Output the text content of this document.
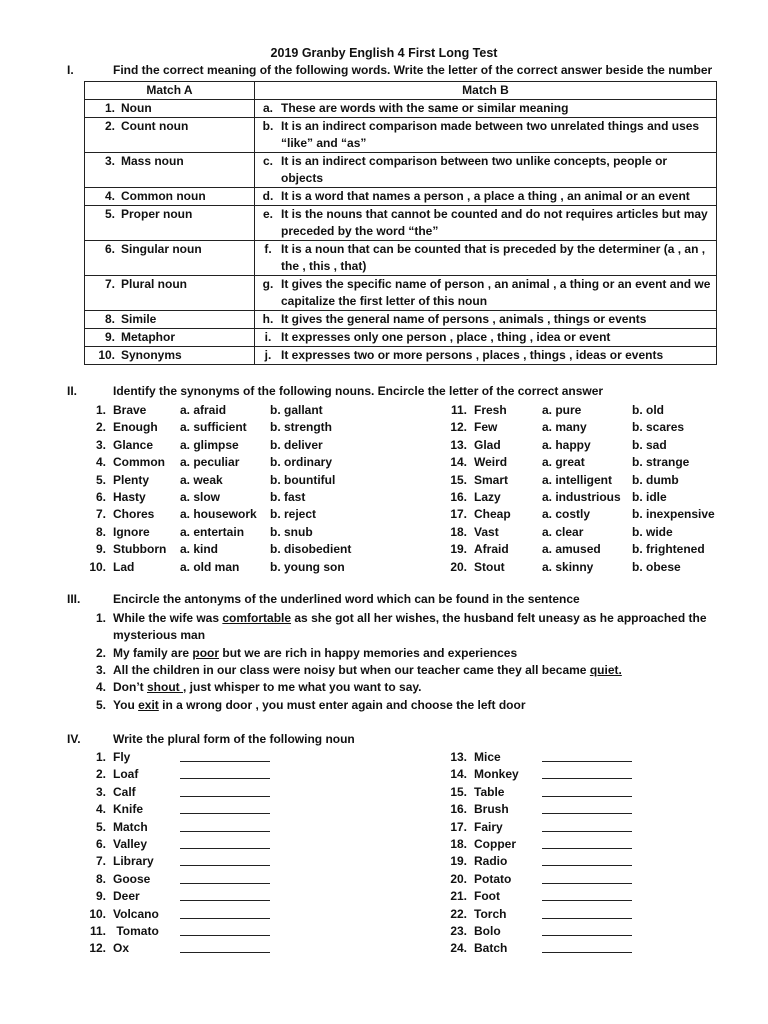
2019 Granby English 4 First Long Test
I.	Find the correct meaning of the following words. Write the letter of the correct answer beside the number
Match A	Match B

1. Noun	a. These are words with the same or similar meaning

2. Count noun	b. It is an indirect comparison made between two unrelated things and uses “like” and “as”

3. Mass noun	c. It is an indirect comparison between two unlike concepts, people or objects

4. Common noun	d. It is a word that names a person , a place a thing , an animal or an event

5. Proper noun	e. It is the nouns that cannot be counted and do not requires articles but may preceded by the word “the”

6. Singular noun	f. It is a noun that can be counted that is preceded by the determiner (a , an , the , this , that)

7. Plural noun	g. It gives the specific name of person , an animal , a thing or an event and we capitalize the first letter of this noun

8. Simile	h. It gives the general name of persons , animals , things or events

9. Metaphor	i. It expresses only one person , place , thing , idea or event

10. Synonyms	j. It expresses two or more persons , places , things , ideas or events
II.	Identify the synonyms of the following nouns. Encircle the letter of the correct answer
1. Brave	a. afraid	b. gallant
2. Enough a. sufficient b. strength
3. Glance a. glimpse	b. deliver
4. Common a. peculiar	b. ordinary
5. Plenty	a. weak	b. bountiful
6. Hasty	a. slow	b. fast
7. Chores a. housework b. reject
8. Ignore	a. entertain b. snub
9. Stubborn a. kind	b. disobedient
10. Lad	a. old man	b. young son
11. Fresh	a. pure	b. old
12. Few	a. many	b. scares
13. Glad	a. happy	b. sad
14. Weird	a. great	b. strange
15. Smart	a. intelligent b. dumb
16. Lazy	a. industrious b. idle
17. Cheap	a. costly	b. inexpensive
18. Vast	a. clear	b. wide
19. Afraid	a. amused	b. frightened
20. Stout	a. skinny	b. obese
III.	Encircle the antonyms of the underlined word which can be found in the sentence
1. While the wife was comfortable as she got all her wishes, the husband felt uneasy as he approached the
mysterious man
2. My family are poor but we are rich in happy memories and experiences
3. All the children in our class were noisy but when our teacher came they all became quiet.
4. Don’t shout , just whisper to me what you want to say.
5. You exit in a wrong door , you must enter again and choose the left door
IV.	Write the plural form of the following noun
1. Fly
2. Loaf
3. Calf
4. Knife
5. Match
6. Valley
7. Library
8. Goose
9. Deer
10. Volcano
11. Tomato
12. Ox
13. Mice
14. Monkey
15. Table
16. Brush
17. Fairy
18. Copper
19. Radio
20. Potato
21. Foot
22. Torch
23. Bolo
24. Batch
